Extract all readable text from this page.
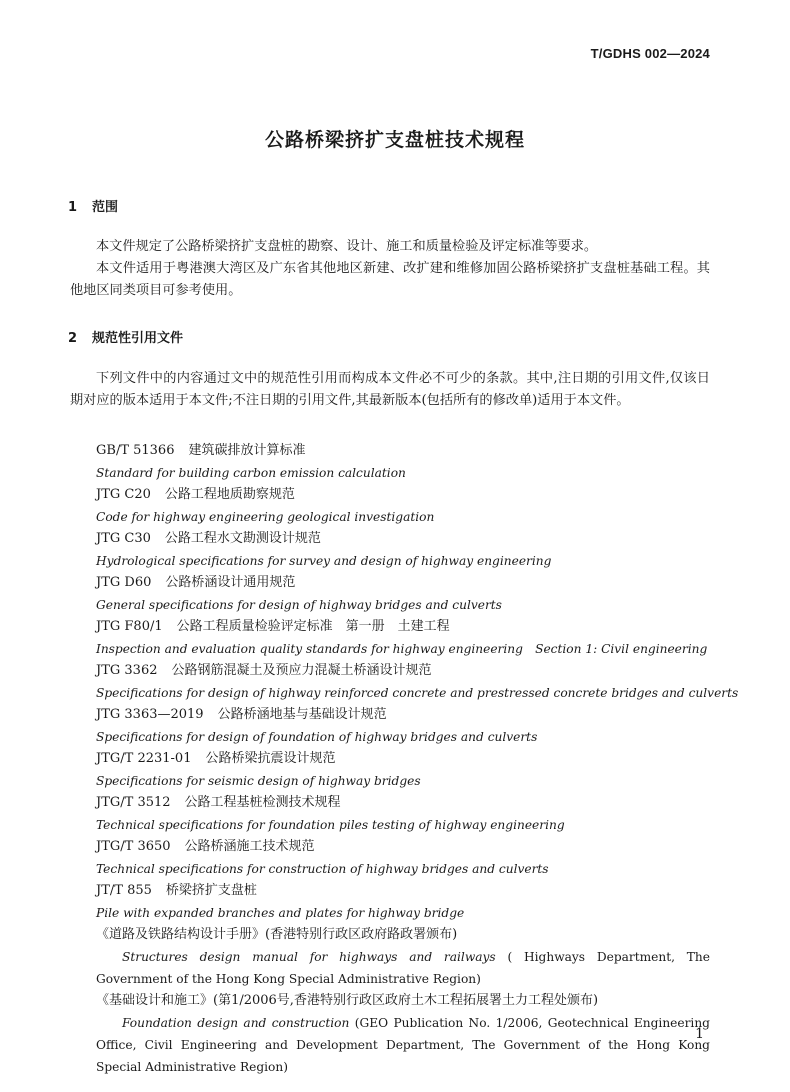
T/GDHS 002—2024
公路桥梁挤扩支盘桩技术规程
1 范围
本文件规定了公路桥梁挤扩支盘桩的勘察、设计、施工和质量检验及评定标准等要求。
本文件适用于粤港澳大湾区及广东省其他地区新建、改扩建和维修加固公路桥梁挤扩支盘桩基础工程。其他地区同类项目可参考使用。
2 规范性引用文件
下列文件中的内容通过文中的规范性引用而构成本文件必不可少的条款。其中,注日期的引用文件,仅该日期对应的版本适用于本文件;不注日期的引用文件,其最新版本(包括所有的修改单)适用于本文件。
GB/T 51366 建筑碳排放计算标准
Standard for building carbon emission calculation
JTG C20 公路工程地质勘察规范
Code for highway engineering geological investigation
JTG C30 公路工程水文勘测设计规范
Hydrological specifications for survey and design of highway engineering
JTG D60 公路桥涵设计通用规范
General specifications for design of highway bridges and culverts
JTG F80/1 公路工程质量检验评定标准　第一册　土建工程
Inspection and evaluation quality standards for highway engineering　Section 1: Civil engineering
JTG 3362 公路钢筋混凝土及预应力混凝土桥涵设计规范
Specifications for design of highway reinforced concrete and prestressed concrete bridges and culverts
JTG 3363—2019 公路桥涵地基与基础设计规范
Specifications for design of foundation of highway bridges and culverts
JTG/T 2231-01 公路桥梁抗震设计规范
Specifications for seismic design of highway bridges
JTG/T 3512 公路工程基桩检测技术规程
Technical specifications for foundation piles testing of highway engineering
JTG/T 3650 公路桥涵施工技术规范
Technical specifications for construction of highway bridges and culverts
JT/T 855 桥梁挤扩支盘桩
Pile with expanded branches and plates for highway bridge
《道路及铁路结构设计手册》(香港特别行政区政府路政署颁布)
Structures design manual for highways and railways ( Highways Department, The Government of the Hong Kong Special Administrative Region)
《基础设计和施工》(第1/2006号,香港特别行政区政府土木工程拓展署土力工程处颁布)
Foundation design and construction (GEO Publication No. 1/2006, Geotechnical Engineering Office, Civil Engineering and Development Department, The Government of the Hong Kong Special Administrative Region)
1
